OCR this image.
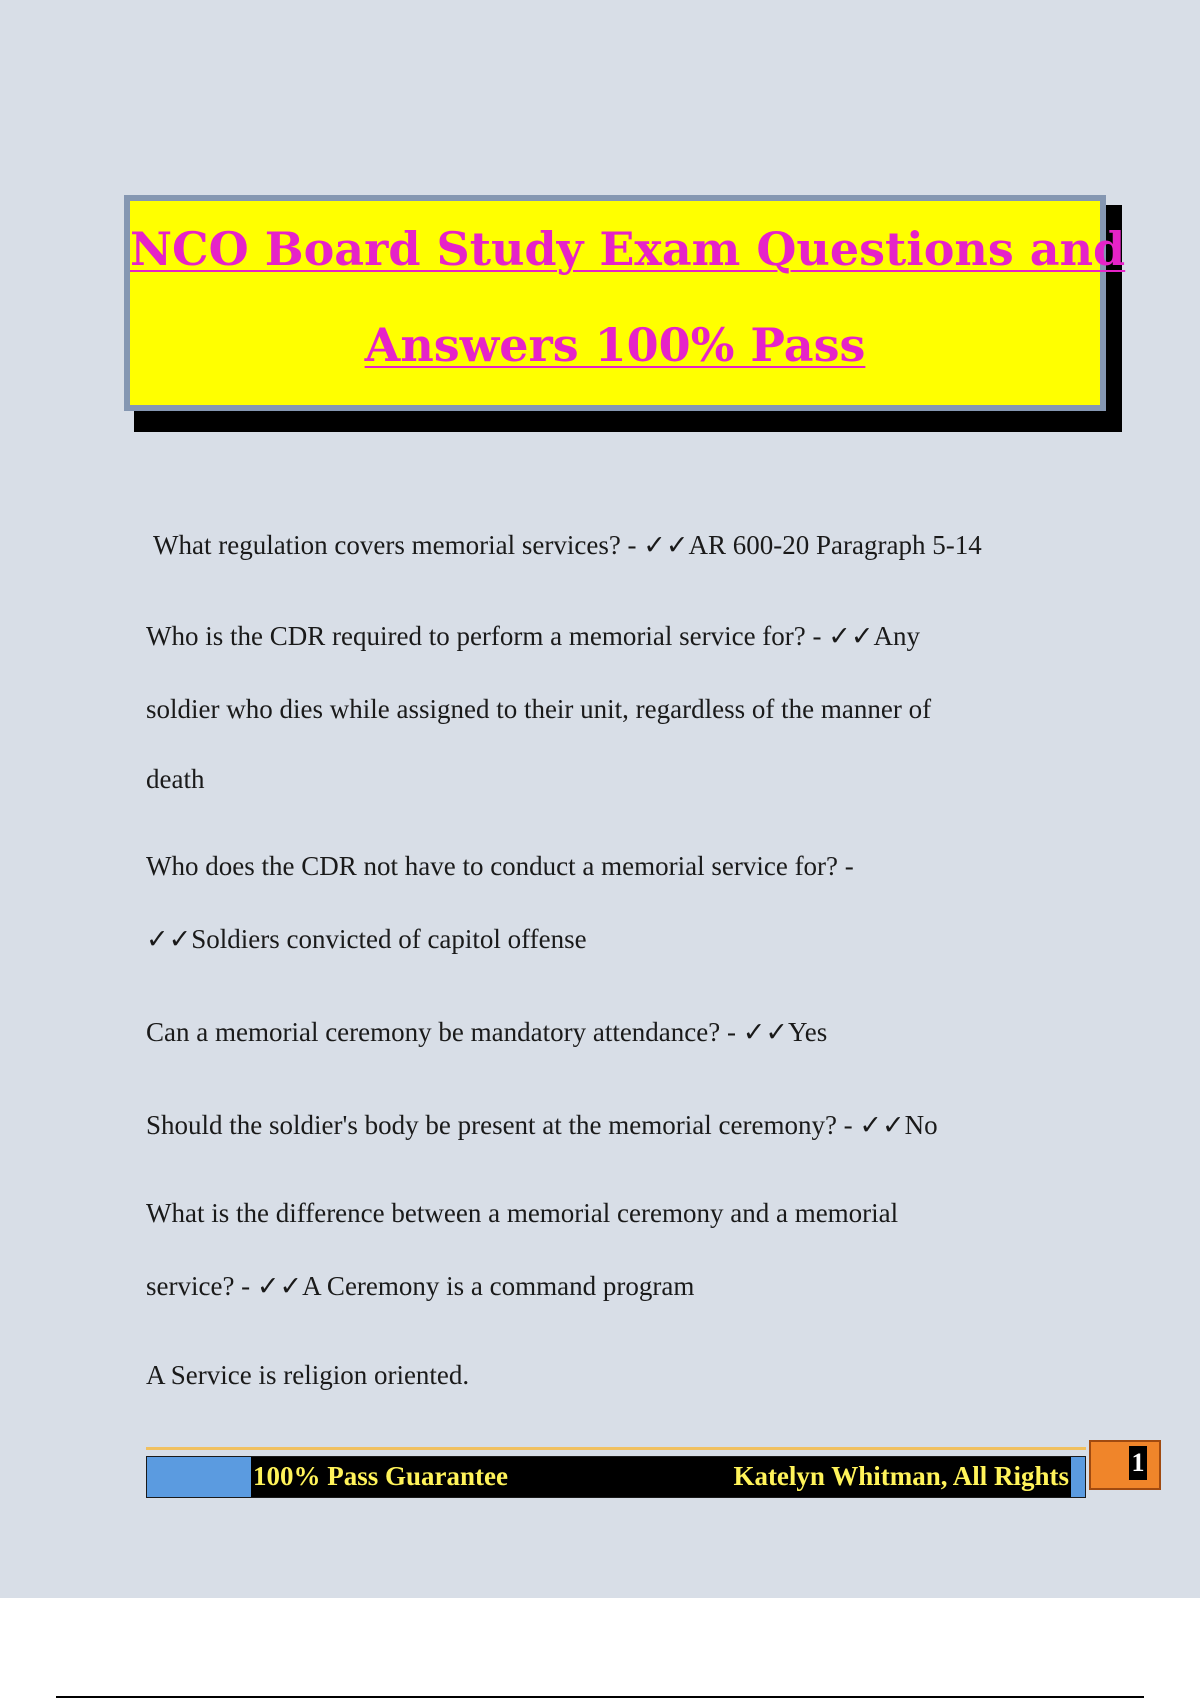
NCO Board Study Exam Questions and
Answers 100% Pass
What regulation covers memorial services? - ✓✓AR 600-20 Paragraph 5-14
Who is the CDR required to perform a memorial service for? - ✓✓Any
soldier who dies while assigned to their unit, regardless of the manner of
death
Who does the CDR not have to conduct a memorial service for? -
✓✓Soldiers convicted of capitol offense
Can a memorial ceremony be mandatory attendance? - ✓✓Yes
Should the soldier's body be present at the memorial ceremony? - ✓✓No
What is the difference between a memorial ceremony and a memorial
service? - ✓✓A Ceremony is a command program
A Service is religion oriented.
100% Pass Guarantee	Katelyn Whitman, All Rights 1
